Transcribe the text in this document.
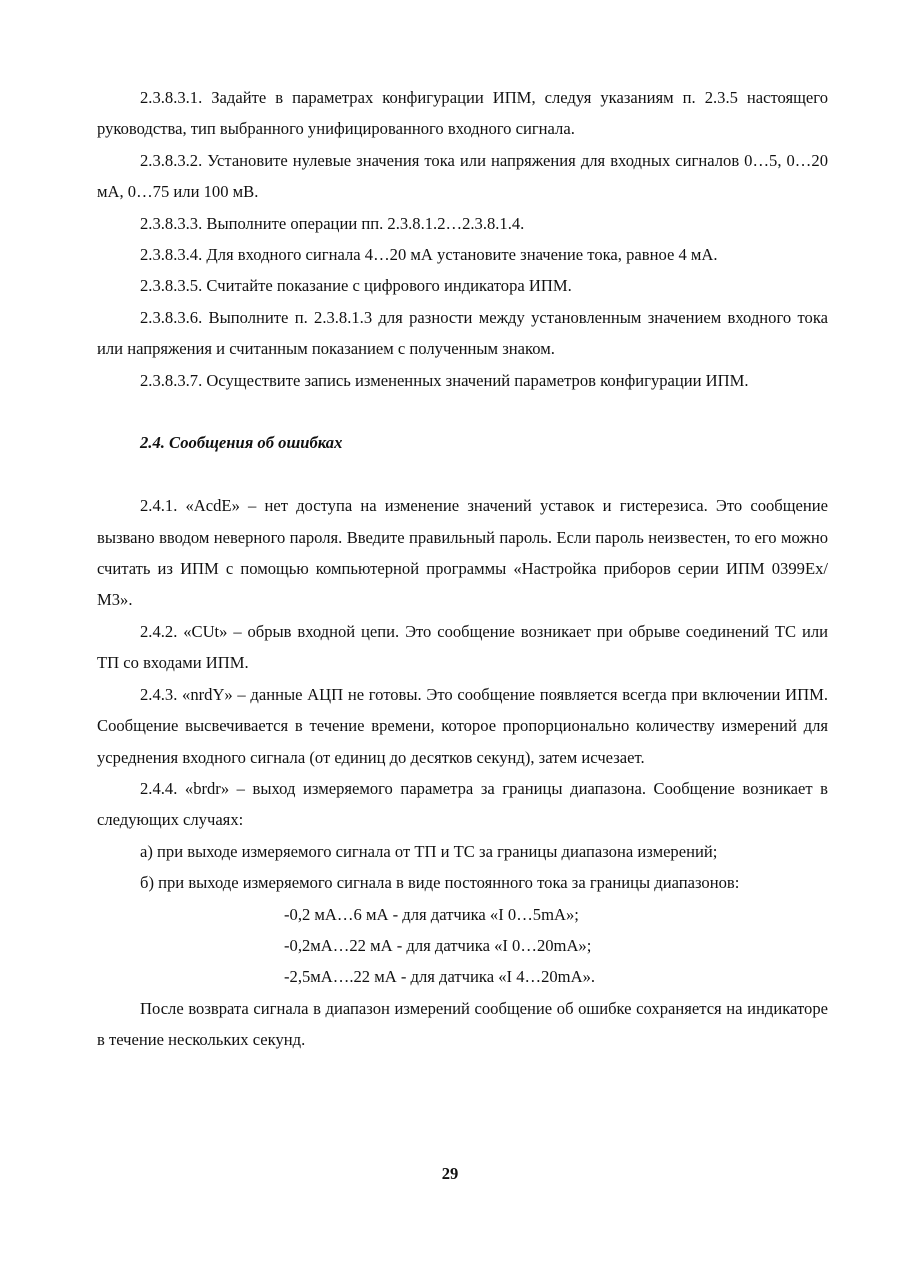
2.3.8.3.1. Задайте в параметрах конфигурации ИПМ, следуя указаниям п. 2.3.5 настоящего руководства, тип выбранного унифицированного входного сигнала.

2.3.8.3.2. Установите нулевые значения тока или напряжения для входных сигналов 0…5, 0…20 мА, 0…75 или 100 мВ.

2.3.8.3.3. Выполните операции пп. 2.3.8.1.2…2.3.8.1.4.

2.3.8.3.4. Для входного сигнала 4…20 мА установите значение тока, равное 4 мА.

2.3.8.3.5. Считайте показание с цифрового индикатора ИПМ.

2.3.8.3.6. Выполните п. 2.3.8.1.3 для разности между установленным значением входного тока или напряжения и считанным показанием с полученным знаком.

2.3.8.3.7. Осуществите запись измененных значений параметров конфигурации ИПМ.

2.4. Сообщения об ошибках

2.4.1. «AcdE» – нет доступа на изменение значений уставок и гистерезиса. Это сообщение вызвано вводом неверного пароля. Введите правильный пароль. Если пароль неизвестен, то его можно считать из ИПМ с помощью компьютерной программы «Настройка приборов серии ИПМ 0399Ex/М3».

2.4.2. «CUt» – обрыв входной цепи. Это сообщение возникает при обрыве соединений ТС или ТП со входами ИПМ.

2.4.3. «nrdY» – данные АЦП не готовы. Это сообщение появляется всегда при включении ИПМ. Сообщение высвечивается в течение времени, которое пропорционально количеству измерений для усреднения входного сигнала (от единиц до десятков секунд), затем исчезает.

2.4.4. «brdr» – выход измеряемого параметра за границы диапазона. Сообщение возникает в следующих случаях:

а) при выходе измеряемого сигнала от ТП и ТС за границы диапазона измерений;

б) при выходе измеряемого сигнала в виде постоянного тока за границы диапазонов:

-0,2 мА…6 мА - для датчика «I 0…5mA»;

-0,2мА…22 мА - для датчика «I 0…20mA»;

-2,5мА….22 мА - для датчика «I 4…20mA».

После возврата сигнала в диапазон измерений сообщение об ошибке сохраняется на индикаторе в течение нескольких секунд.

29
